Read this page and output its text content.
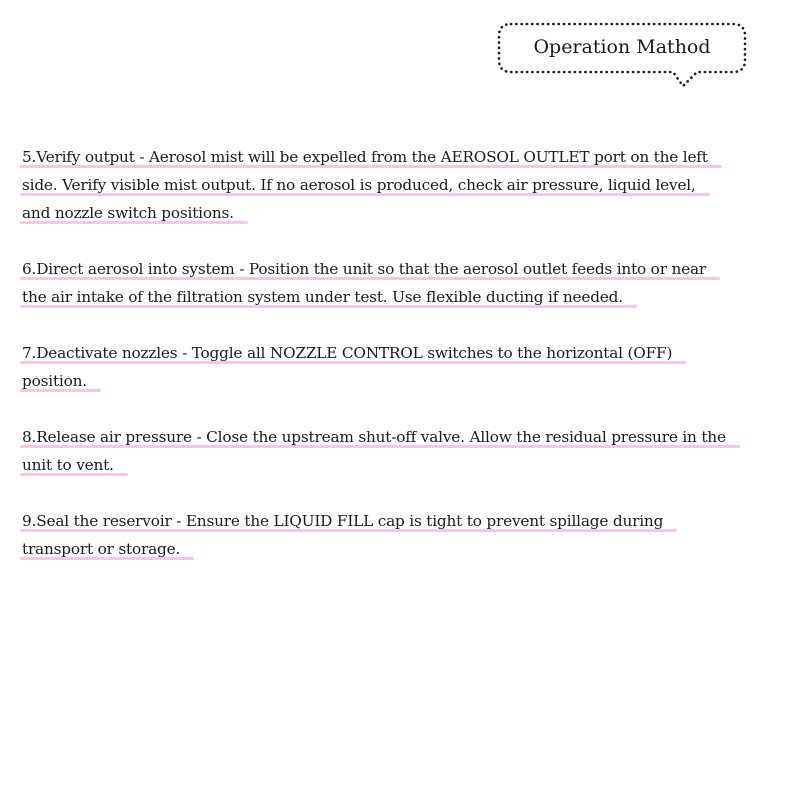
Operation Mathod
5.Verify output - Aerosol mist will be expelled from the AEROSOL OUTLET port on the left
side. Verify visible mist output. If no aerosol is produced, check air pressure, liquid level,
and nozzle switch positions.
6.Direct aerosol into system - Position the unit so that the aerosol outlet feeds into or near
the air intake of the filtration system under test. Use flexible ducting if needed.
7.Deactivate nozzles - Toggle all NOZZLE CONTROL switches to the horizontal (OFF)
position.
8.Release air pressure - Close the upstream shut-off valve. Allow the residual pressure in the
unit to vent.
9.Seal the reservoir - Ensure the LIQUID FILL cap is tight to prevent spillage during
transport or storage.
